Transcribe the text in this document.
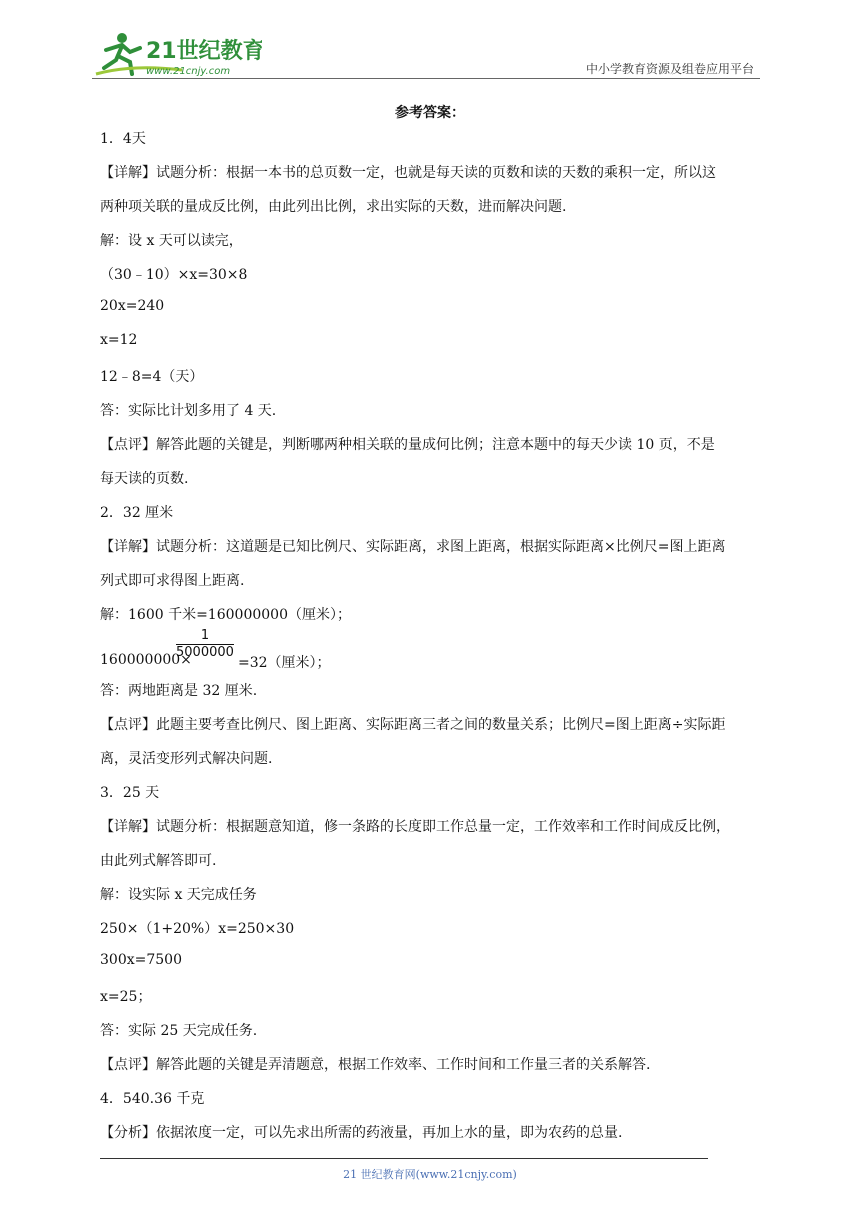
21世纪教育
www.21cnjy.com	中小学教育资源及组卷应用平台
参考答案：
1．4天
【详解】试题分析：根据一本书的总页数一定，也就是每天读的页数和读的天数的乘积一定，所以这
两种项关联的量成反比例，由此列出比例，求出实际的天数，进而解决问题.
解：设 x 天可以读完，
（30﹣10）×x=30×8
20x=240
x=12
12﹣8=4（天）
答：实际比计划多用了 4 天.
【点评】解答此题的关键是，判断哪两种相关联的量成何比例；注意本题中的每天少读 10 页，不是
每天读的页数.
2．32 厘米
【详解】试题分析：这道题是已知比例尺、实际距离，求图上距离，根据实际距离×比例尺=图上距离
列式即可求得图上距离.
解：1600 千米=160000000（厘米）；
160000000×
$\frac{1}{5000000}$
=32（厘米）；
答：两地距离是 32 厘米.
【点评】此题主要考查比例尺、图上距离、实际距离三者之间的数量关系；比例尺=图上距离÷实际距
离，灵活变形列式解决问题.
3．25 天
【详解】试题分析：根据题意知道，修一条路的长度即工作总量一定，工作效率和工作时间成反比例，
由此列式解答即可.
解：设实际 x 天完成任务
250×（1+20%）x=250×30
300x=7500
x=25；
答：实际 25 天完成任务.
【点评】解答此题的关键是弄清题意，根据工作效率、工作时间和工作量三者的关系解答.
4．540.36 千克
【分析】依据浓度一定，可以先求出所需的药液量，再加上水的量，即为农药的总量.
21 世纪教育网(www.21cnjy.com)
